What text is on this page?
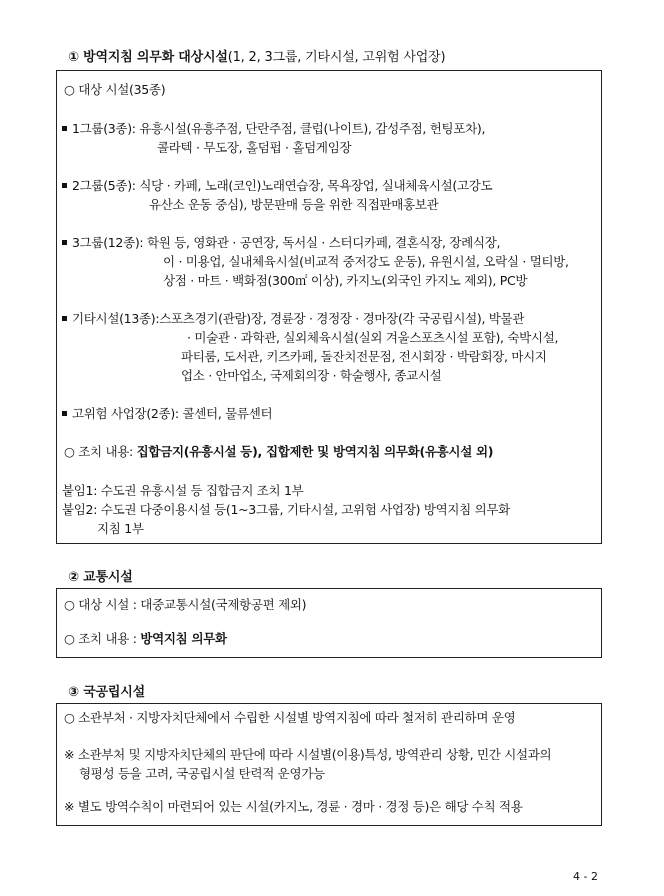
① 방역지침 의무화 대상시설(1, 2, 3그룹, 기타시설, 고위험 사업장)
○ 대상 시설(35종)
1그룹(3종): 유흥시설(유흥주점, 단란주점, 클럽(나이트), 감성주점, 헌팅포차),
콜라텍 · 무도장, 홀덤펍 · 홀덤게임장
2그룹(5종): 식당 · 카페, 노래(코인)노래연습장, 목욕장업, 실내체육시설(고강도
유산소 운동 중심), 방문판매 등을 위한 직접판매홍보관
3그룹(12종): 학원 등, 영화관 · 공연장, 독서실 · 스터디카페, 결혼식장, 장례식장,
이 · 미용업, 실내체육시설(비교적 중저강도 운동), 유원시설, 오락실 · 멀티방,
상점 · 마트 · 백화점(300㎡ 이상), 카지노(외국인 카지노 제외), PC방
기타시설(13종):스포츠경기(관람)장, 경륜장 · 경정장 · 경마장(각 국공립시설), 박물관
· 미술관 · 과학관, 실외체육시설(실외 겨울스포츠시설 포함), 숙박시설,
파티룸, 도서관, 키즈카페, 돌잔치전문점, 전시회장 · 박람회장, 마시지
업소 · 안마업소, 국제회의장 · 학술행사, 종교시설
고위험 사업장(2종): 콜센터, 물류센터
○ 조치 내용: 집합금지(유흥시설 등), 집합제한 및 방역지침 의무화(유흥시설 외)
붙임1: 수도권 유흥시설 등 집합금지 조치 1부
붙임2: 수도권 다중이용시설 등(1~3그룹, 기타시설, 고위험 사업장) 방역지침 의무화
지침 1부
② 교통시설
○ 대상 시설 : 대중교통시설(국제항공편 제외)
○ 조치 내용 : 방역지침 의무화
③ 국공립시설
○ 소관부처 · 지방자치단체에서 수립한 시설별 방역지침에 따라 철저히 관리하며 운영
※ 소관부처 및 지방자치단체의 판단에 따라 시설별(이용)특성, 방역관리 상황, 민간 시설과의
형평성 등을 고려, 국공립시설 탄력적 운영가능
※ 별도 방역수칙이 마련되어 있는 시설(카지노, 경륜 · 경마 · 경정 등)은 해당 수칙 적용
4 - 2
